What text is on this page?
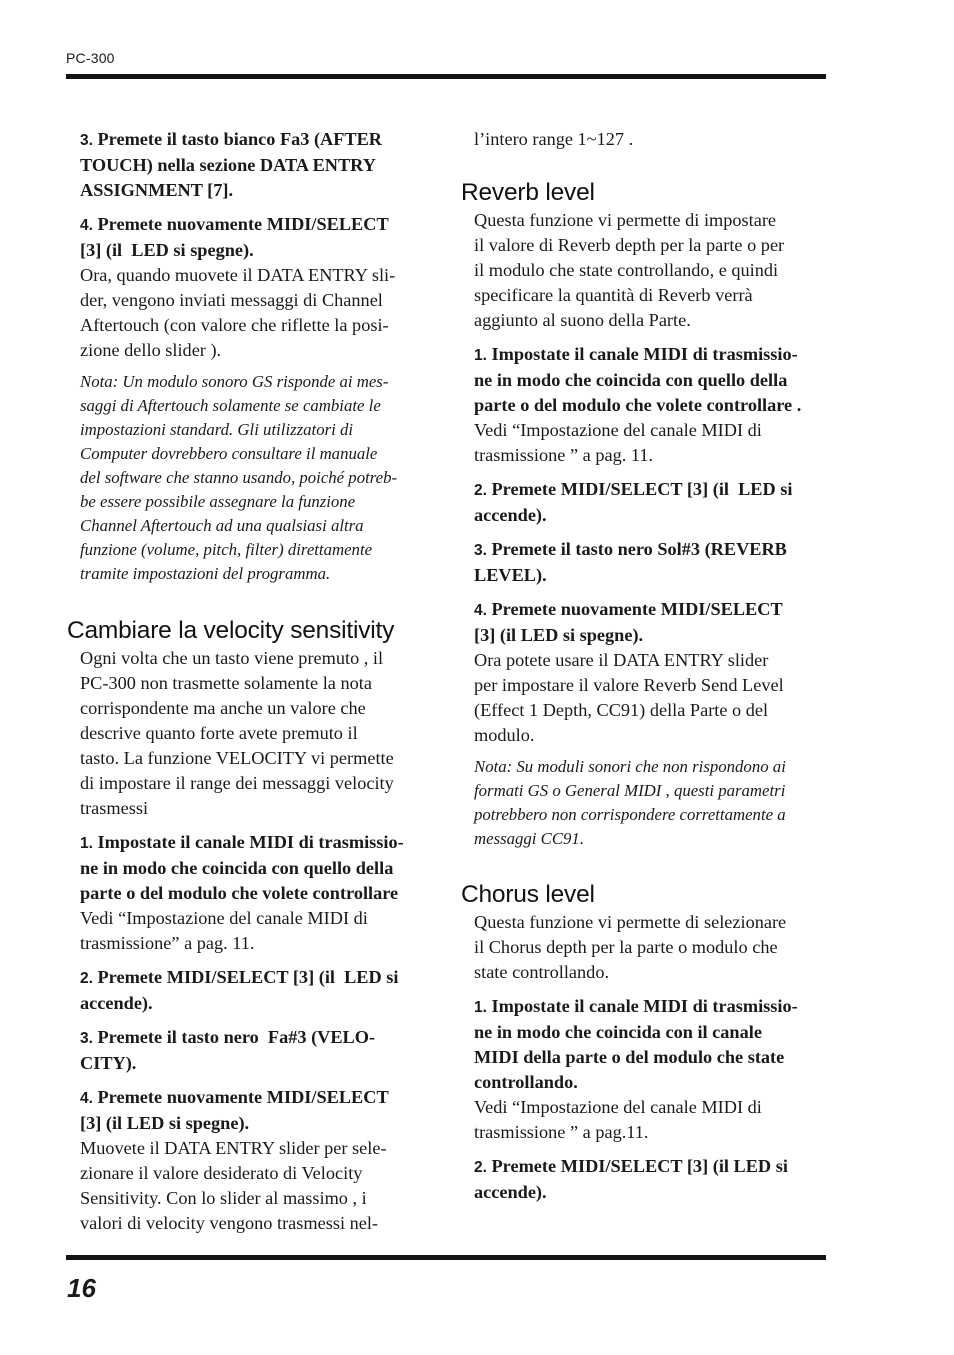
PC-300

3. Premete il tasto bianco Fa3 (AFTER
TOUCH) nella sezione DATA ENTRY
ASSIGNMENT [7].

4. Premete nuovamente MIDI/SELECT
[3] (il  LED si spegne).

Ora, quando muovete il DATA ENTRY sli-
der, vengono inviati messaggi di Channel
Aftertouch (con valore che riflette la posi-
zione dello slider ).

Nota: Un modulo sonoro GS risponde ai mes-
saggi di Aftertouch solamente se cambiate le
impostazioni standard. Gli utilizzatori di
Computer dovrebbero consultare il manuale
del software che stanno usando, poiché potreb-
be essere possibile assegnare la funzione
Channel Aftertouch ad una qualsiasi altra
funzione (volume, pitch, filter) direttamente
tramite impostazioni del programma.

Cambiare la velocity sensitivity

Ogni volta che un tasto viene premuto , il
PC-300 non trasmette solamente la nota
corrispondente ma anche un valore che
descrive quanto forte avete premuto il
tasto. La funzione VELOCITY vi permette
di impostare il range dei messaggi velocity
trasmessi

1. Impostate il canale MIDI di trasmissio-
ne in modo che coincida con quello della
parte o del modulo che volete controllare

Vedi “Impostazione del canale MIDI di
trasmissione” a pag. 11.

2. Premete MIDI/SELECT [3] (il  LED si
accende).

3. Premete il tasto nero  Fa#3 (VELO-
CITY).

4. Premete nuovamente MIDI/SELECT
[3] (il LED si spegne).

Muovete il DATA ENTRY slider per sele-
zionare il valore desiderato di Velocity
Sensitivity. Con lo slider al massimo , i
valori di velocity vengono trasmessi nel-

l’intero range 1~127 .

Reverb level

Questa funzione vi permette di impostare
il valore di Reverb depth per la parte o per
il modulo che state controllando, e quindi
specificare la quantità di Reverb verrà
aggiunto al suono della Parte.

1. Impostate il canale MIDI di trasmissio-
ne in modo che coincida con quello della
parte o del modulo che volete controllare .

Vedi “Impostazione del canale MIDI di
trasmissione ” a pag. 11.

2. Premete MIDI/SELECT [3] (il  LED si
accende).

3. Premete il tasto nero Sol#3 (REVERB
LEVEL).

4. Premete nuovamente MIDI/SELECT
[3] (il LED si spegne).

Ora potete usare il DATA ENTRY slider
per impostare il valore Reverb Send Level
(Effect 1 Depth, CC91) della Parte o del
modulo.

Nota: Su moduli sonori che non rispondono ai
formati GS o General MIDI , questi parametri
potrebbero non corrispondere correttamente a
messaggi CC91.

Chorus level

Questa funzione vi permette di selezionare
il Chorus depth per la parte o modulo che
state controllando.

1. Impostate il canale MIDI di trasmissio-
ne in modo che coincida con il canale
MIDI della parte o del modulo che state
controllando.

Vedi “Impostazione del canale MIDI di
trasmissione ” a pag.11.

2. Premete MIDI/SELECT [3] (il LED si
accende).

16
